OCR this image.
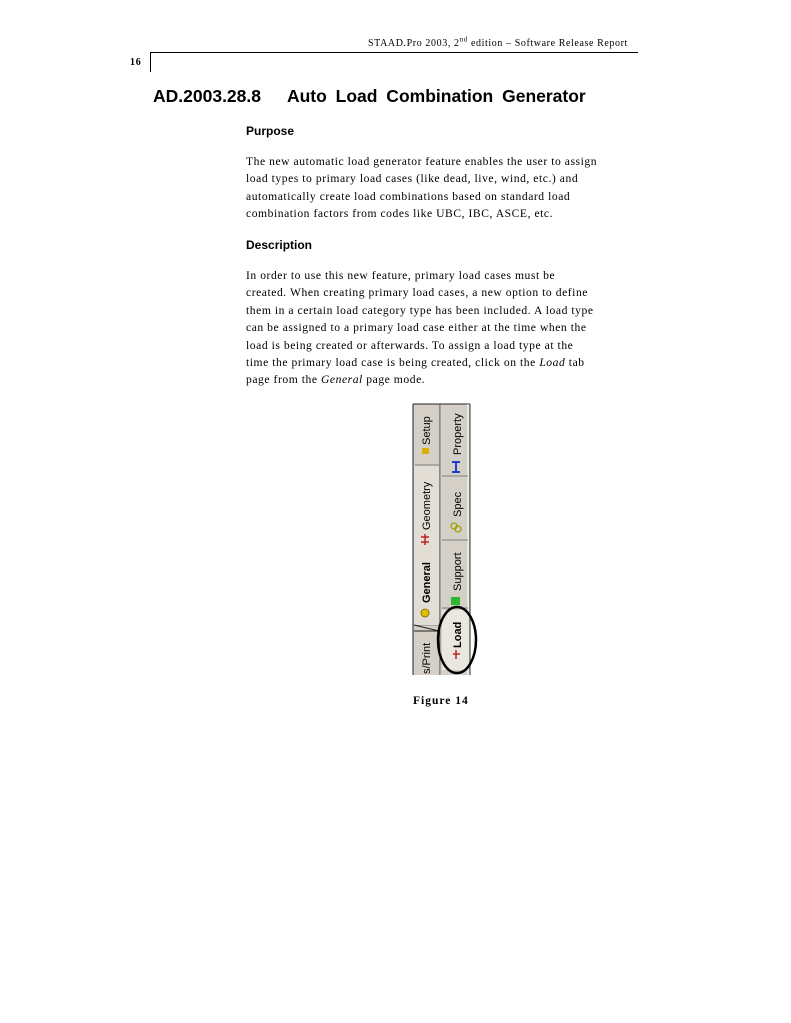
STAAD.Pro 2003, 2nd edition – Software Release Report
16
AD.2003.28.8 Auto Load Combination Generator
Purpose
The new automatic load generator feature enables the user to assign
load types to primary load cases (like dead, live, wind, etc.) and
automatically create load combinations based on standard load
combination factors from codes like UBC, IBC, ASCE, etc.
Description
In order to use this new feature, primary load cases must be
created. When creating primary load cases, a new option to define
them in a certain load category type has been included. A load type
can be assigned to a primary load case either at the time when the
load is being created or afterwards. To assign a load type at the
time the primary load case is being created, click on the Load tab
page from the General page mode.
Setup
Geometry
General
s/Print
Property
Spec
Support
Load
Figure 14
